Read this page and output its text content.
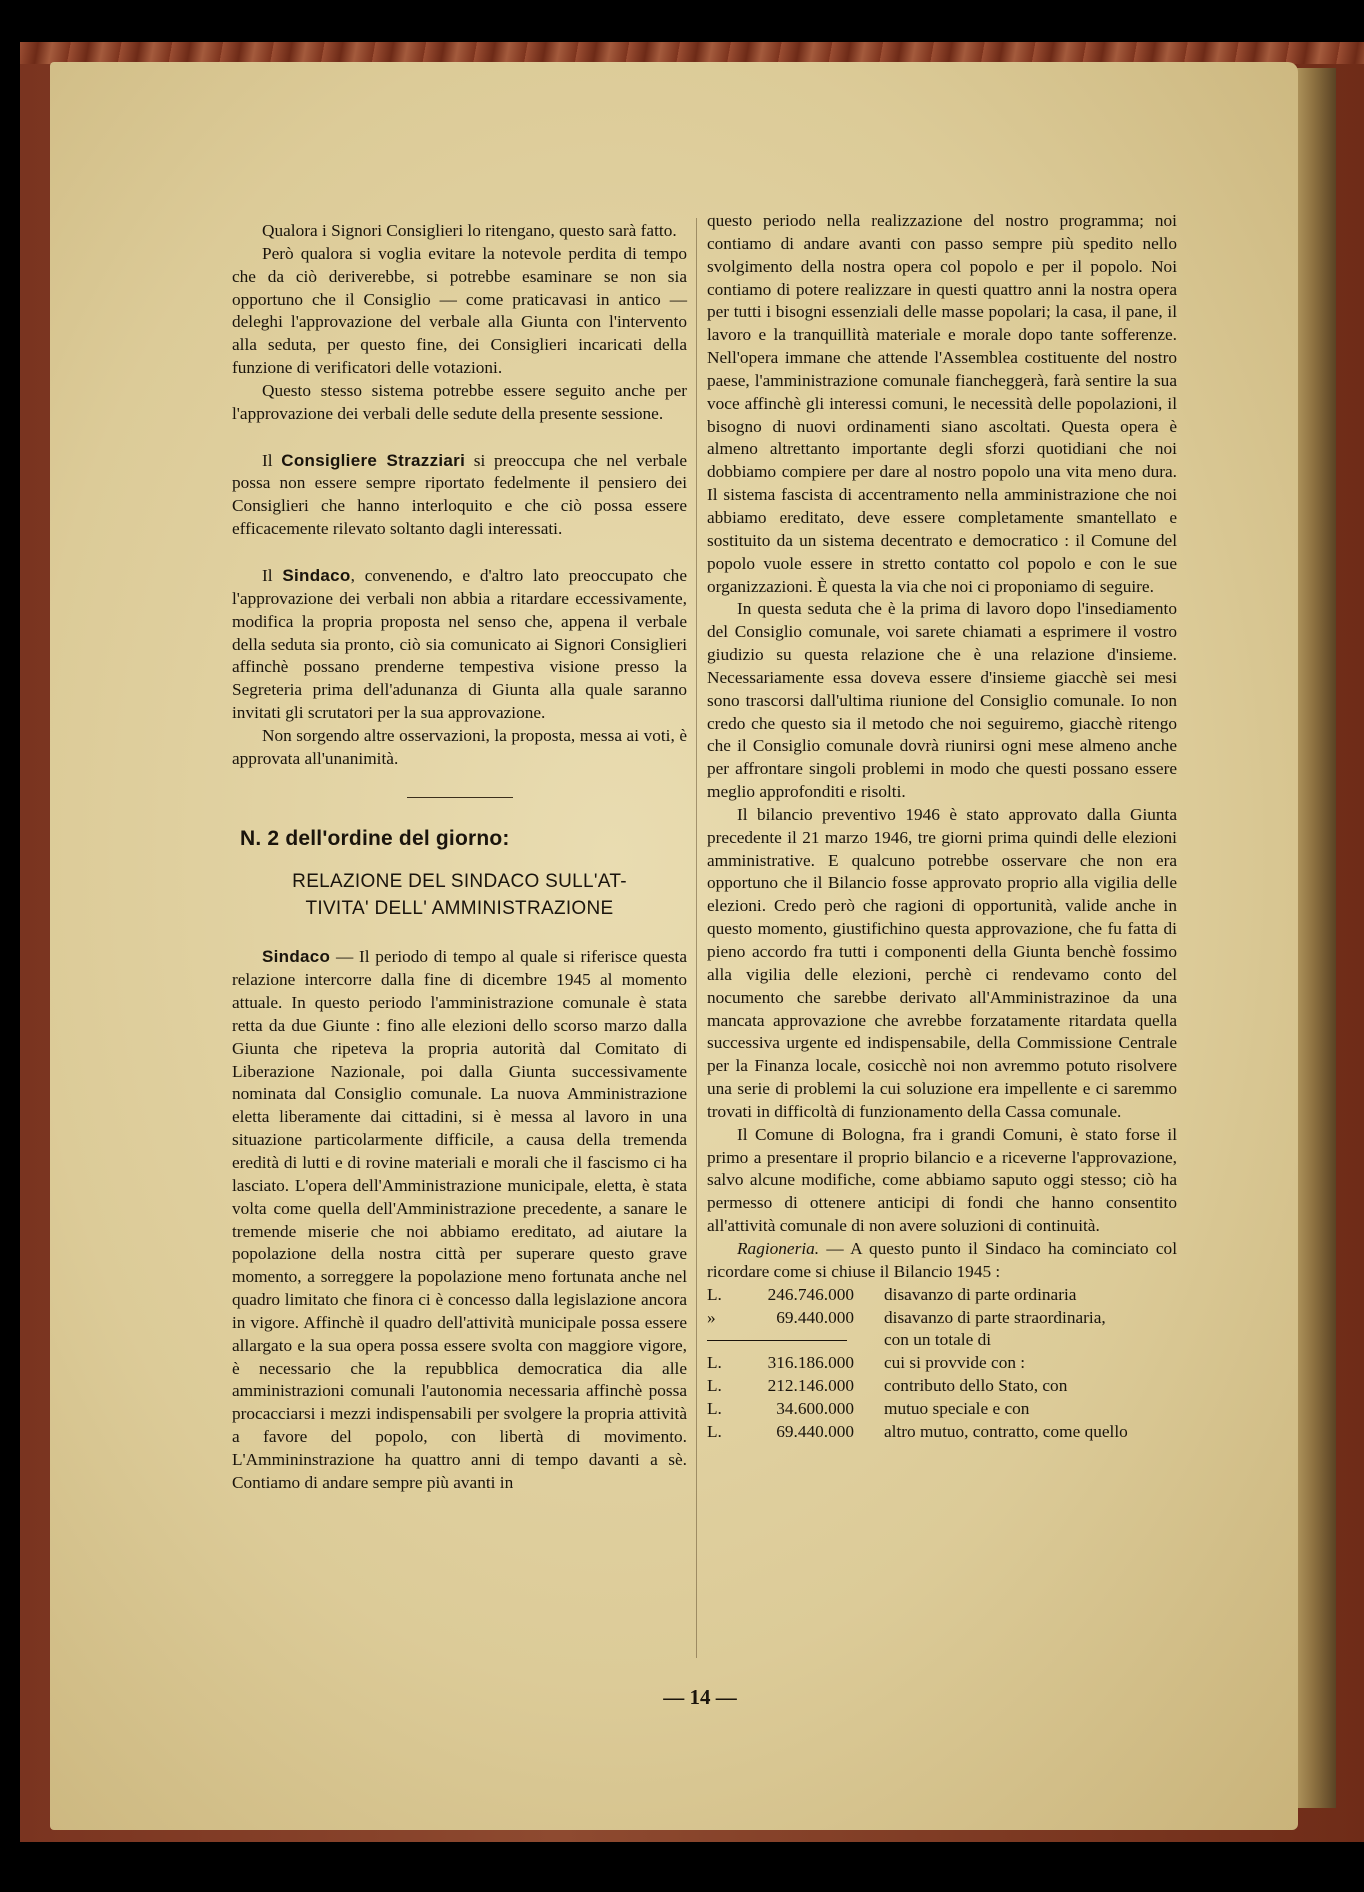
Qualora i Signori Consiglieri lo ritengano, questo sarà fatto.

Però qualora si voglia evitare la notevole perdita di tempo che da ciò deriverebbe, si potrebbe esaminare se non sia opportuno che il Consiglio — come praticavasi in antico — deleghi l'approvazione del verbale alla Giunta con l'intervento alla seduta, per questo fine, dei Consiglieri incaricati della funzione di verificatori delle votazioni.

Questo stesso sistema potrebbe essere seguito anche per l'approvazione dei verbali delle sedute della presente sessione.

Il Consigliere Strazziari si preoccupa che nel verbale possa non essere sempre riportato fedelmente il pensiero dei Consiglieri che hanno interloquito e che ciò possa essere efficacemente rilevato soltanto dagli interessati.

Il Sindaco, convenendo, e d'altro lato preoccupato che l'approvazione dei verbali non abbia a ritardare eccessivamente, modifica la propria proposta nel senso che, appena il verbale della seduta sia pronto, ciò sia comunicato ai Signori Consiglieri affinchè possano prenderne tempestiva visione presso la Segreteria prima dell'adunanza di Giunta alla quale saranno invitati gli scrutatori per la sua approvazione.

Non sorgendo altre osservazioni, la proposta, messa ai voti, è approvata all'unanimità.

N. 2 dell'ordine del giorno:
RELAZIONE DEL SINDACO SULL'AT-
TIVITA' DELL' AMMINISTRAZIONE

Sindaco — Il periodo di tempo al quale si riferisce questa relazione intercorre dalla fine di dicembre 1945 al momento attuale. In questo periodo l'amministrazione comunale è stata retta da due Giunte : fino alle elezioni dello scorso marzo dalla Giunta che ripeteva la propria autorità dal Comitato di Liberazione Nazionale, poi dalla Giunta successivamente nominata dal Consiglio comunale. La nuova Amministrazione eletta liberamente dai cittadini, si è messa al lavoro in una situazione particolarmente difficile, a causa della tremenda eredità di lutti e di rovine materiali e morali che il fascismo ci ha lasciato. L'opera dell'Amministrazione municipale, eletta, è stata volta come quella dell'Amministrazione precedente, a sanare le tremende miserie che noi abbiamo ereditato, ad aiutare la popolazione della nostra città per superare questo grave momento, a sorreggere la popolazione meno fortunata anche nel quadro limitato che finora ci è concesso dalla legislazione ancora in vigore. Affinchè il quadro dell'attività municipale possa essere allargato e la sua opera possa essere svolta con maggiore vigore, è necessario che la repubblica democratica dia alle amministrazioni comunali l'autonomia necessaria affinchè possa procacciarsi i mezzi indispensabili per svolgere la propria attività a favore del popolo, con libertà di movimento. L'Ammininstrazione ha quattro anni di tempo davanti a sè. Contiamo di andare sempre più avanti in

questo periodo nella realizzazione del nostro programma; noi contiamo di andare avanti con passo sempre più spedito nello svolgimento della nostra opera col popolo e per il popolo. Noi contiamo di potere realizzare in questi quattro anni la nostra opera per tutti i bisogni essenziali delle masse popolari; la casa, il pane, il lavoro e la tranquillità materiale e morale dopo tante sofferenze. Nell'opera immane che attende l'Assemblea costituente del nostro paese, l'amministrazione comunale fiancheggerà, farà sentire la sua voce affinchè gli interessi comuni, le necessità delle popolazioni, il bisogno di nuovi ordinamenti siano ascoltati. Questa opera è almeno altrettanto importante degli sforzi quotidiani che noi dobbiamo compiere per dare al nostro popolo una vita meno dura. Il sistema fascista di accentramento nella amministrazione che noi abbiamo ereditato, deve essere completamente smantellato e sostituito da un sistema decentrato e democratico : il Comune del popolo vuole essere in stretto contatto col popolo e con le sue organizzazioni. È questa la via che noi ci proponiamo di seguire.

In questa seduta che è la prima di lavoro dopo l'insediamento del Consiglio comunale, voi sarete chiamati a esprimere il vostro giudizio su questa relazione che è una relazione d'insieme. Necessariamente essa doveva essere d'insieme giacchè sei mesi sono trascorsi dall'ultima riunione del Consiglio comunale. Io non credo che questo sia il metodo che noi seguiremo, giacchè ritengo che il Consiglio comunale dovrà riunirsi ogni mese almeno anche per affrontare singoli problemi in modo che questi possano essere meglio approfonditi e risolti.

Il bilancio preventivo 1946 è stato approvato dalla Giunta precedente il 21 marzo 1946, tre giorni prima quindi delle elezioni amministrative. E qualcuno potrebbe osservare che non era opportuno che il Bilancio fosse approvato proprio alla vigilia delle elezioni. Credo però che ragioni di opportunità, valide anche in questo momento, giustifichino questa approvazione, che fu fatta di pieno accordo fra tutti i componenti della Giunta benchè fossimo alla vigilia delle elezioni, perchè ci rendevamo conto del nocumento che sarebbe derivato all'Amministrazinoe da una mancata approvazione che avrebbe forzatamente ritardata quella successiva urgente ed indispensabile, della Commissione Centrale per la Finanza locale, cosicchè noi non avremmo potuto risolvere una serie di problemi la cui soluzione era impellente e ci saremmo trovati in difficoltà di funzionamento della Cassa comunale.

Il Comune di Bologna, fra i grandi Comuni, è stato forse il primo a presentare il proprio bilancio e a riceverne l'approvazione, salvo alcune modifiche, come abbiamo saputo oggi stesso; ciò ha permesso di ottenere anticipi di fondi che hanno consentito all'attività comunale di non avere soluzioni di continuità.

Ragioneria. — A questo punto il Sindaco ha cominciato col ricordare come si chiuse il Bilancio 1945 :

L. 246.746.000	disavanzo di parte ordinaria
» 69.440.000	disavanzo di parte straordinaria,

	con un totale di
L. 316.186.000	cui si provvide con :
L. 212.146.000	contributo dello Stato, con
L. 34.600.000	mutuo speciale e con
L. 69.440.000	altro mutuo, contratto, come quello
— 14 —
